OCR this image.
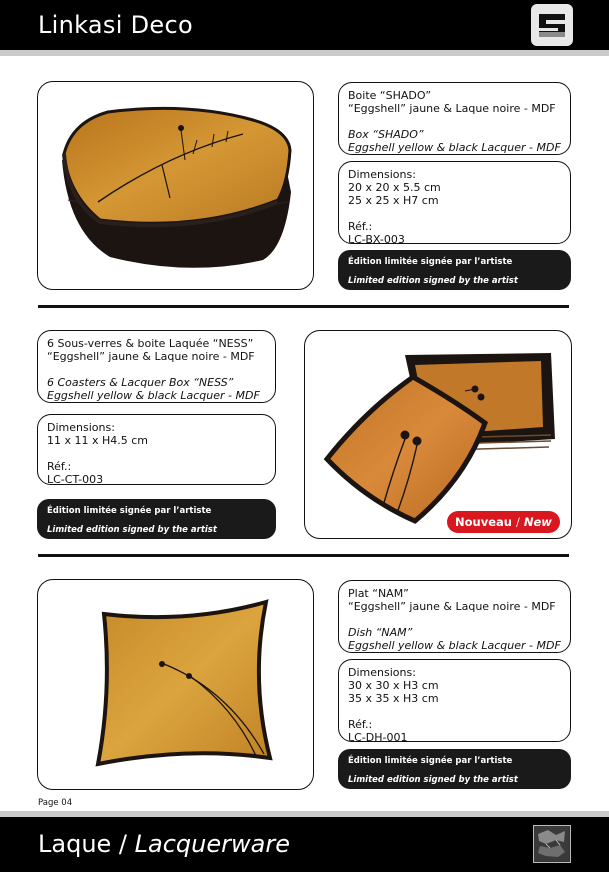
Linkasi Deco
Boite “SHADO”
“Eggshell” jaune & Laque noire - MDF
Box “SHADO”
Eggshell yellow & black Lacquer - MDF
Dimensions:
20 x 20 x 5.5 cm
25 x 25 x H7 cm
Réf.:
LC-BX-003
Édition limitée signée par l’artiste
Limited edition signed by the artist
6 Sous-verres & boite Laquée “NESS”
“Eggshell” jaune & Laque noire - MDF
6 Coasters & Lacquer Box “NESS”
Eggshell yellow & black Lacquer - MDF
Dimensions:
11 x 11 x H4.5 cm
Réf.:
LC-CT-003
Édition limitée signée par l’artiste
Limited edition signed by the artist
Nouveau / New
Plat “NAM”
“Eggshell” jaune & Laque noire - MDF
Dish “NAM”
Eggshell yellow & black Lacquer - MDF
Dimensions:
30 x 30 x H3 cm
35 x 35 x H3 cm
Réf.:
LC-DH-001
Édition limitée signée par l’artiste
Limited edition signed by the artist
Page 04
Laque / Lacquerware
